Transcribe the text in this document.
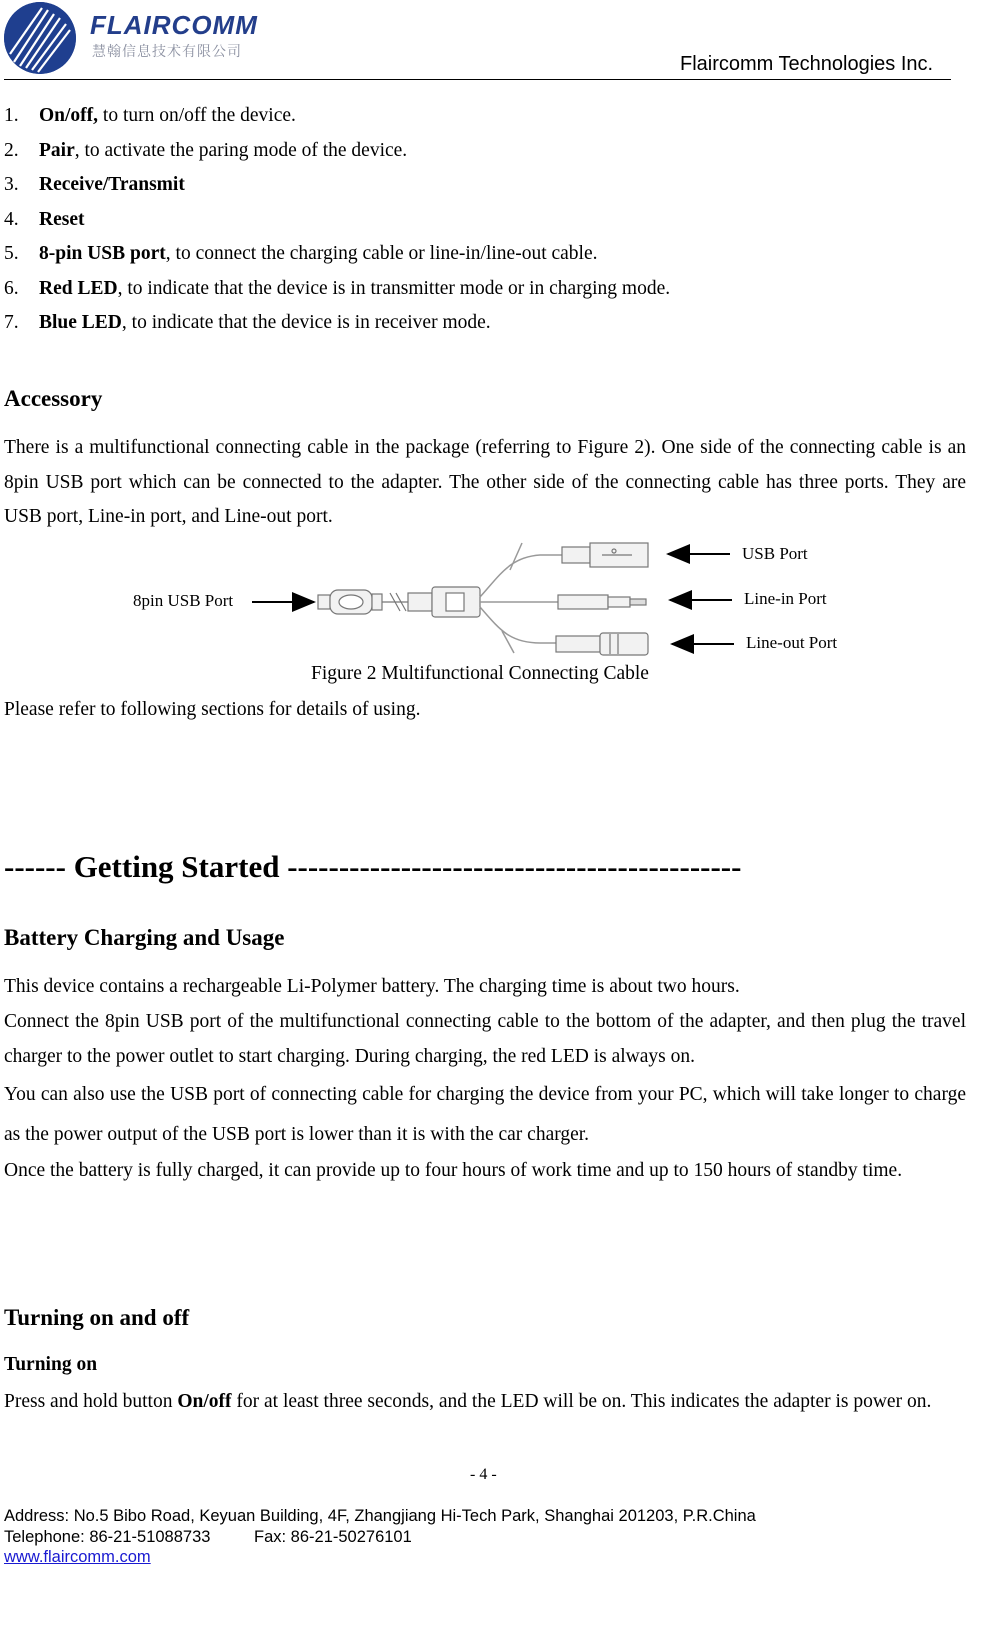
FLAIRCOMM
慧翰信息技术有限公司
Flaircomm Technologies Inc.
1.	On/off, to turn on/off the device.
2.	Pair, to activate the paring mode of the device.
3.	Receive/Transmit
4.	Reset
5.	8-pin USB port, to connect the charging cable or line-in/line-out cable.
6.	Red LED, to indicate that the device is in transmitter mode or in charging mode.
7.	Blue LED, to indicate that the device is in receiver mode.
Accessory
There is a multifunctional connecting cable in the package (referring to Figure 2). One side of the connecting cable is an 8pin USB port which can be connected to the adapter. The other side of the connecting cable has three ports. They are USB port, Line-in port, and Line-out port.
8pin USB Port
USB Port
Line-in Port
Line-out Port
Figure 2 Multifunctional Connecting Cable
Please refer to following sections for details of using.
------ Getting Started --------------------------------------------
Battery Charging and Usage
This device contains a rechargeable Li-Polymer battery. The charging time is about two hours.
Connect the 8pin USB port of the multifunctional connecting cable to the bottom of the adapter, and then plug the travel charger to the power outlet to start charging. During charging, the red LED is always on.
You can also use the USB port of connecting cable for charging the device from your PC, which will take longer to charge as the power output of the USB port is lower than it is with the car charger.
Once the battery is fully charged, it can provide up to four hours of work time and up to 150 hours of standby time.
Turning on and off
Turning on
Press and hold button On/off for at least three seconds, and the LED will be on. This indicates the adapter is power on.
- 4 -
Address: No.5 Bibo Road, Keyuan Building, 4F, Zhangjiang Hi-Tech Park, Shanghai 201203, P.R.China
Telephone: 86-21-51088733	Fax: 86-21-50276101
www.flaircomm.com
